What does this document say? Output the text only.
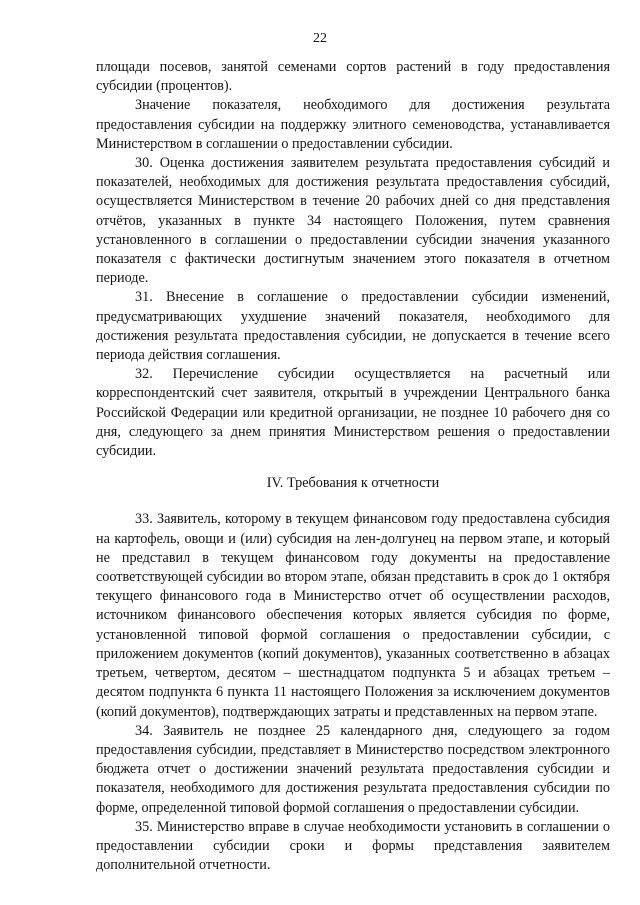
22

площади посевов, занятой семенами сортов растений в году предоставления субсидии (процентов).

Значение показателя, необходимого для достижения результата предоставления субсидии на поддержку элитного семеноводства, устанавливается Министерством в соглашении о предоставлении субсидии.

30. Оценка достижения заявителем результата предоставления субсидий и показателей, необходимых для достижения результата предоставления субсидий, осуществляется Министерством в течение 20 рабочих дней со дня представления отчётов, указанных в пункте 34 настоящего Положения, путем сравнения установленного в соглашении о предоставлении субсидии значения указанного показателя с фактически достигнутым значением этого показателя в отчетном периоде.

31. Внесение в соглашение о предоставлении субсидии изменений, предусматривающих ухудшение значений показателя, необходимого для достижения результата предоставления субсидии, не допускается в течение всего периода действия соглашения.

32. Перечисление субсидии осуществляется на расчетный или корреспондентский счет заявителя, открытый в учреждении Центрального банка Российской Федерации или кредитной организации, не позднее 10 рабочего дня со дня, следующего за днем принятия Министерством решения о предоставлении субсидии.

IV. Требования к отчетности

33. Заявитель, которому в текущем финансовом году предоставлена субсидия на картофель, овощи и (или) субсидия на лен-долгунец на первом этапе, и который не представил в текущем финансовом году документы на предоставление соответствующей субсидии во втором этапе, обязан представить в срок до 1 октября текущего финансового года в Министерство отчет об осуществлении расходов, источником финансового обеспечения которых является субсидия по форме, установленной типовой формой соглашения о предоставлении субсидии, с приложением документов (копий документов), указанных соответственно в абзацах третьем, четвертом, десятом – шестнадцатом подпункта 5 и абзацах третьем – десятом подпункта 6 пункта 11 настоящего Положения за исключением документов (копий документов), подтверждающих затраты и представленных на первом этапе.

34. Заявитель не позднее 25 календарного дня, следующего за годом предоставления субсидии, представляет в Министерство посредством электронного бюджета отчет о достижении значений результата предоставления субсидии и показателя, необходимого для достижения результата предоставления субсидии по форме, определенной типовой формой соглашения о предоставлении субсидии.

35. Министерство вправе в случае необходимости установить в соглашении о предоставлении субсидии сроки и формы представления заявителем дополнительной отчетности.
